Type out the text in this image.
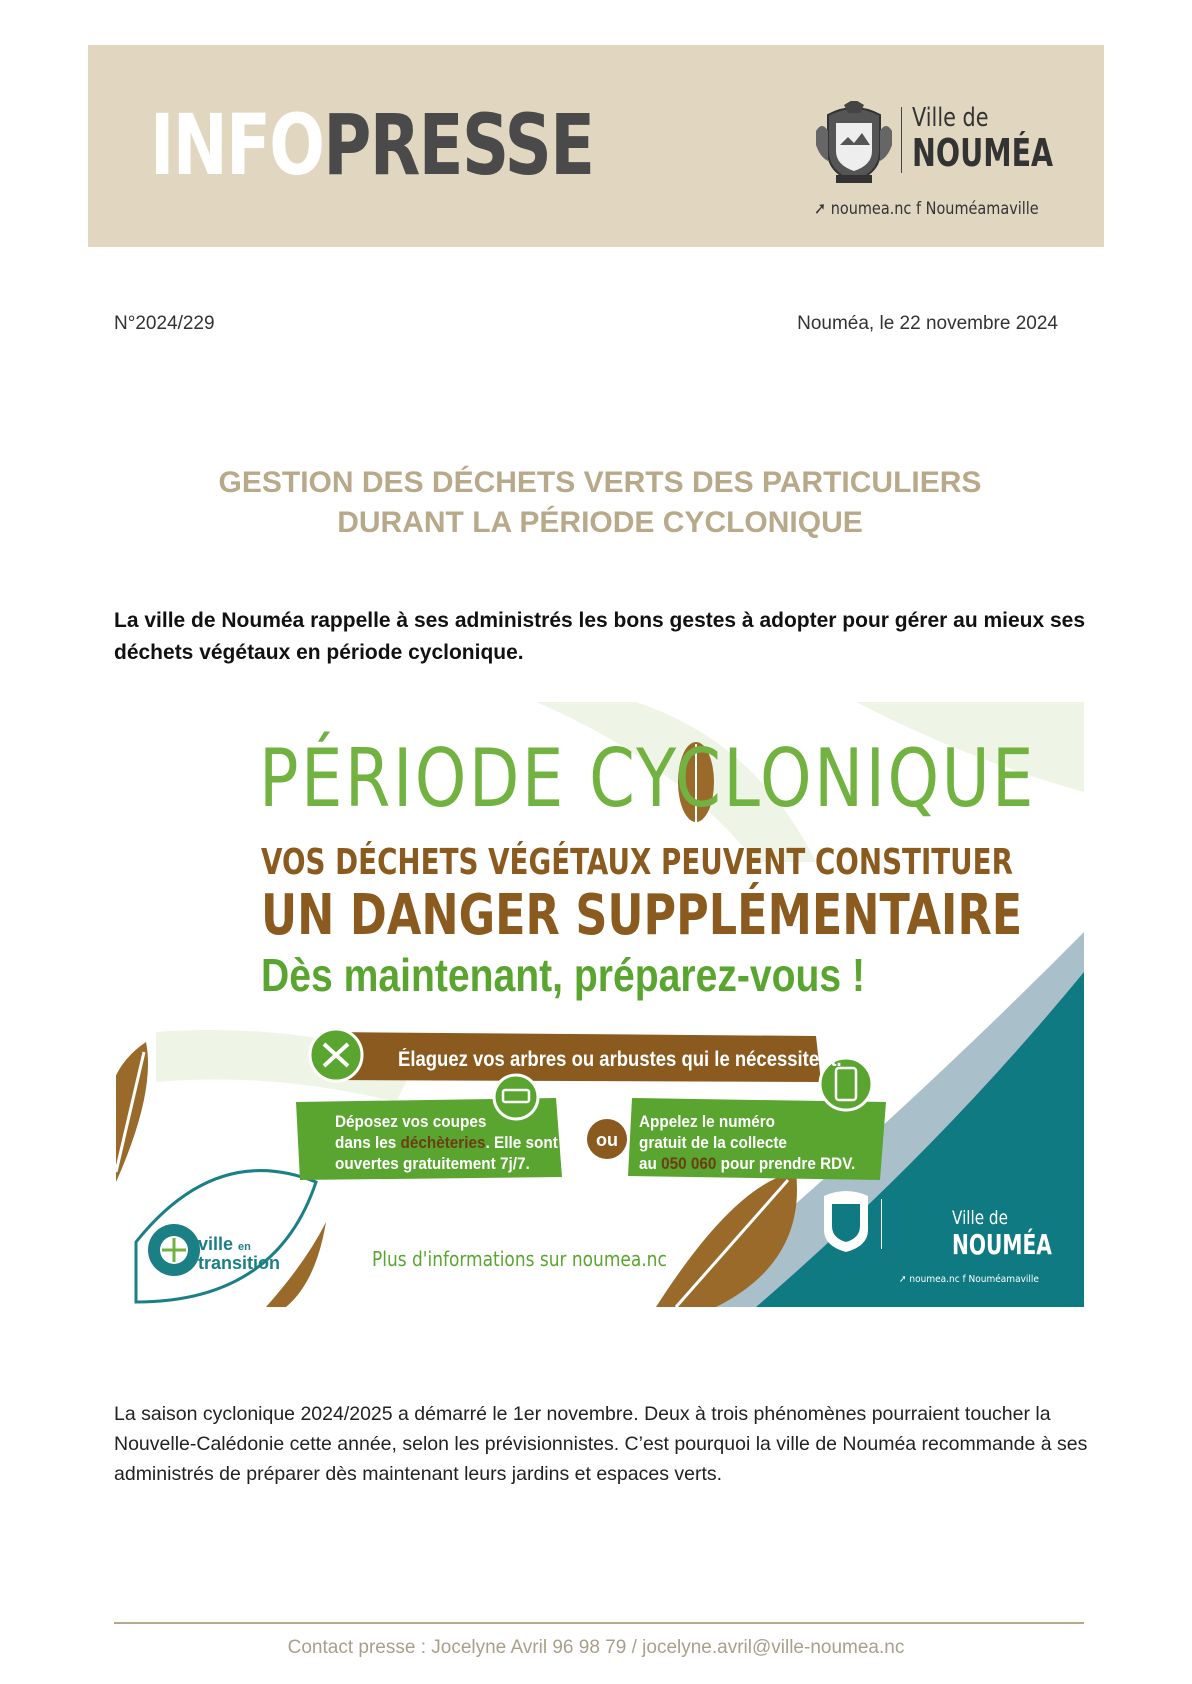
INFOPRESSE	Ville de
NOUMÉA
➚ noumea.nc f Nouméamaville
N°2024/229	Nouméa, le 22 novembre 2024
GESTION DES DÉCHETS VERTS DES PARTICULIERS
DURANT LA PÉRIODE CYCLONIQUE
La ville de Nouméa rappelle à ses administrés les bons gestes à adopter pour gérer au mieux ses déchets végétaux en période cyclonique.
PÉRIODE CYCLONIQUE
VOS DÉCHETS VÉGÉTAUX PEUVENT CONSTITUER
UN DANGER SUPPLÉMENTAIRE
Dès maintenant, préparez-vous !
Élaguez vos arbres ou arbustes qui le nécessitent.
Déposez vos coupes
dans les déchèteries. Elle sont
ouvertes gratuitement 7j/7.
ou
Appelez le numéro
gratuit de la collecte
au 050 060 pour prendre RDV.
ville en
transition	Plus d'informations sur noumea.nc
Ville de
NOUMÉA
➚ noumea.nc f Nouméamaville
La saison cyclonique 2024/2025 a démarré le 1er novembre. Deux à trois phénomènes pourraient toucher la Nouvelle-Calédonie cette année, selon les prévisionnistes. C’est pourquoi la ville de Nouméa recommande à ses administrés de préparer dès maintenant leurs jardins et espaces verts.
Contact presse : Jocelyne Avril 96 98 79 / jocelyne.avril@ville-noumea.nc
